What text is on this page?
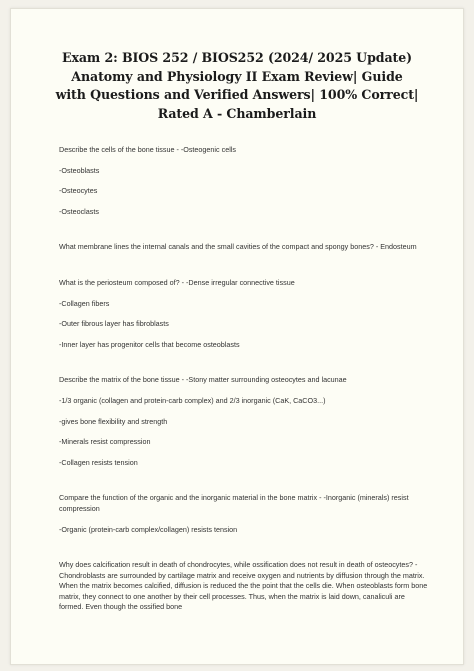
Exam 2: BIOS 252 / BIOS252 (2024/ 2025 Update) Anatomy and Physiology II Exam Review| Guide with Questions and Verified Answers| 100% Correct| Rated A - Chamberlain

Describe the cells of the bone tissue - -Osteogenic cells

-Osteoblasts

-Osteocytes

-Osteoclasts

What membrane lines the internal canals and the small cavities of the compact and spongy bones? - Endosteum

What is the periosteum composed of? - -Dense irregular connective tissue

-Collagen fibers

-Outer fibrous layer has fibroblasts

-Inner layer has progenitor cells that become osteoblasts

Describe the matrix of the bone tissue - -Stony matter surrounding osteocytes and lacunae

-1/3 organic (collagen and protein-carb complex) and 2/3 inorganic (CaK, CaCO3...)

-gives bone flexibility and strength

-Minerals resist compression

-Collagen resists tension

Compare the function of the organic and the inorganic material in the bone matrix - -Inorganic (minerals) resist compression

-Organic (protein-carb complex/collagen) resists tension

Why does calcification result in death of chondrocytes, while ossification does not result in death of osteocytes? - Chondroblasts are surrounded by cartilage matrix and receive oxygen and nutrients by diffusion through the matrix. When the matrix becomes calcified, diffusion is reduced the the point that the cells die. When osteoblasts form bone matrix, they connect to one another by their cell processes. Thus, when the matrix is laid down, canaliculi are formed. Even though the ossified bone
